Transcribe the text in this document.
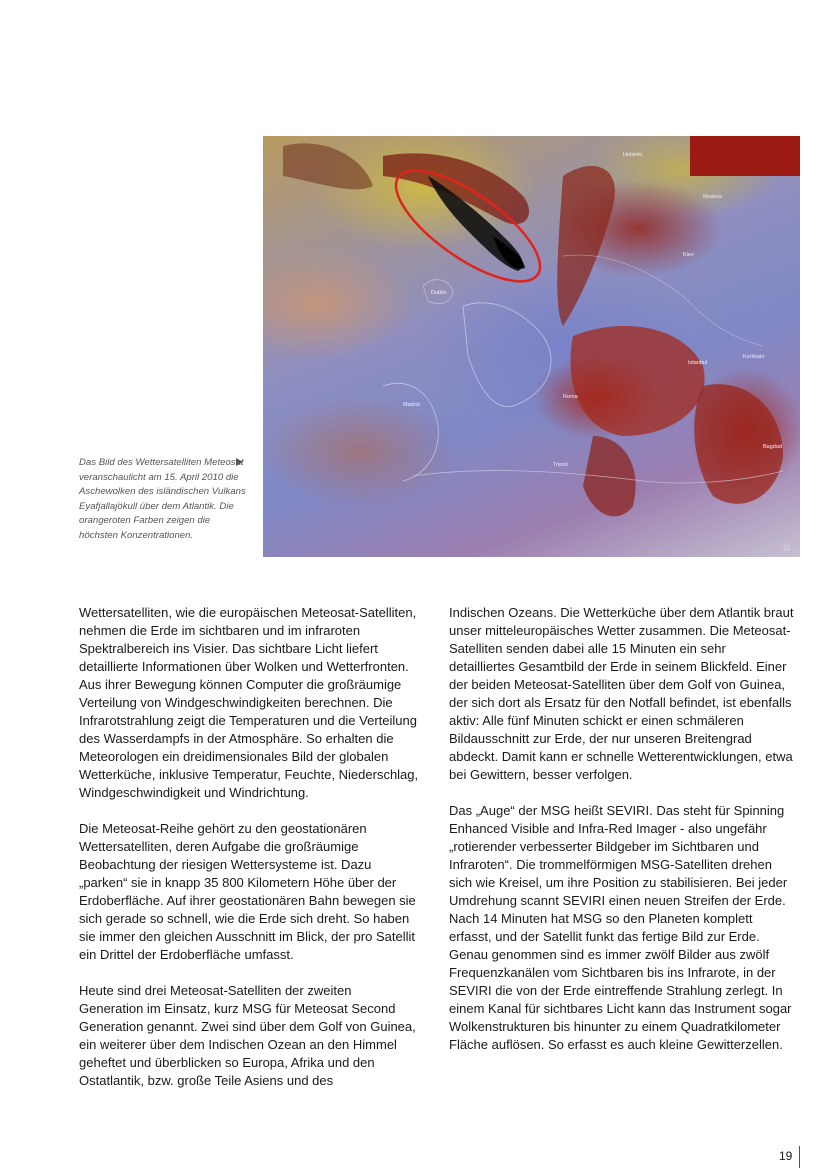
Helsinki
Moskva
Dublin
Kiev
Madrid
Roma
Istanbul
Kırıkkale
Bagdad
Tripoli
☼

Das Bild des Wettersatelliten Meteosat veranschaulicht am 15. April 2010 die Aschewolken des isländischen Vulkans Eyafjallajökull über dem Atlantik. Die orangeroten Farben zeigen die höchsten Konzentrationen.

Wettersatelliten, wie die europäischen Meteosat-Satelliten, nehmen die Erde im sichtbaren und im infraroten Spektralbereich ins Visier. Das sichtbare Licht liefert detaillierte Informationen über Wolken und Wetterfronten. Aus ihrer Bewegung können Computer die großräumige Verteilung von Windgeschwindigkeiten berechnen. Die Infrarotstrahlung zeigt die Temperaturen und die Verteilung des Wasserdampfs in der Atmosphäre. So erhalten die Meteorologen ein dreidimensionales Bild der globalen Wetterküche, inklusive Temperatur, Feuchte, Niederschlag, Windgeschwindigkeit und Windrichtung.

Die Meteosat-Reihe gehört zu den geostationären Wettersatelliten, deren Aufgabe die großräumige Beobachtung der riesigen Wettersysteme ist. Dazu „parken“ sie in knapp 35 800 Kilometern Höhe über der Erdoberfläche. Auf ihrer geostationären Bahn bewegen sie sich gerade so schnell, wie die Erde sich dreht. So haben sie immer den gleichen Ausschnitt im Blick, der pro Satellit ein Drittel der Erdoberfläche umfasst.

Heute sind drei Meteosat-Satelliten der zweiten Generation im Einsatz, kurz MSG für Meteosat Second Generation genannt. Zwei sind über dem Golf von Guinea, ein weiterer über dem Indischen Ozean an den Himmel geheftet und überblicken so Europa, Afrika und den Ostatlantik, bzw. große Teile Asiens und des

Indischen Ozeans. Die Wetterküche über dem Atlantik braut unser mitteleuropäisches Wetter zusammen. Die Meteosat-Satelliten senden dabei alle 15 Minuten ein sehr detailliertes Gesamtbild der Erde in seinem Blickfeld. Einer der beiden Meteosat-Satelliten über dem Golf von Guinea, der sich dort als Ersatz für den Notfall befindet, ist ebenfalls aktiv: Alle fünf Minuten schickt er einen schmäleren Bildausschnitt zur Erde, der nur unseren Breitengrad abdeckt. Damit kann er schnelle Wetterentwicklungen, etwa bei Gewittern, besser verfolgen.

Das „Auge“ der MSG heißt SEVIRI. Das steht für Spinning Enhanced Visible and Infra-Red Imager - also ungefähr „rotierender verbesserter Bildgeber im Sichtbaren und Infraroten“. Die trommelförmigen MSG-Satelliten drehen sich wie Kreisel, um ihre Position zu stabilisieren. Bei jeder Umdrehung scannt SEVIRI einen neuen Streifen der Erde. Nach 14 Minuten hat MSG so den Planeten komplett erfasst, und der Satellit funkt das fertige Bild zur Erde. Genau genommen sind es immer zwölf Bilder aus zwölf Frequenzkanälen vom Sichtbaren bis ins Infrarote, in der SEVIRI die von der Erde eintreffende Strahlung zerlegt. In einem Kanal für sichtbares Licht kann das Instrument sogar Wolkenstrukturen bis hinunter zu einem Quadratkilometer Fläche auflösen. So erfasst es auch kleine Gewitterzellen.

19
